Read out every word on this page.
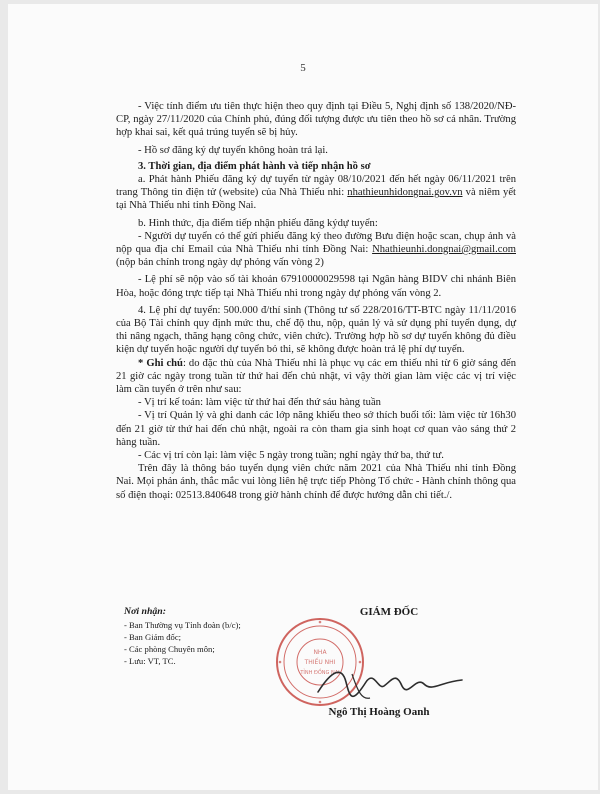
5

- Việc tính điểm ưu tiên thực hiện theo quy định tại Điều 5, Nghị định số 138/2020/NĐ-CP, ngày 27/11/2020 của Chính phủ, đúng đối tượng được ưu tiên theo hồ sơ cá nhân. Trường hợp khai sai, kết quả trúng tuyển sẽ bị hủy.

- Hồ sơ đăng ký dự tuyển không hoàn trả lại.

3. Thời gian, địa điểm phát hành và tiếp nhận hồ sơ

a. Phát hành Phiếu đăng ký dự tuyển từ ngày 08/10/2021 đến hết ngày 06/11/2021 trên trang Thông tin điện tử (website) của Nhà Thiếu nhi: nhathieunhidongnai.gov.vn và niêm yết tại Nhà Thiếu nhi tỉnh Đồng Nai.

b. Hình thức, địa điểm tiếp nhận phiếu đăng kýdự tuyển:

- Người dự tuyển có thể gửi phiếu đăng ký theo đường Bưu điện hoặc scan, chụp ảnh và nộp qua địa chỉ Email của Nhà Thiếu nhi tỉnh Đồng Nai: Nhathieunhi.dongnai@gmail.com (nộp bản chính trong ngày dự phỏng vấn vòng 2)

- Lệ phí sẽ nộp vào số tài khoản 67910000029598 tại Ngân hàng BIDV chi nhánh Biên Hòa, hoặc đóng trực tiếp tại Nhà Thiếu nhi trong ngày dự phỏng vấn vòng 2.

4. Lệ phí dự tuyển: 500.000 đ/thí sinh (Thông tư số 228/2016/TT-BTC ngày 11/11/2016 của Bộ Tài chính quy định mức thu, chế độ thu, nộp, quản lý và sử dụng phí tuyển dụng, dự thi nâng ngạch, thăng hạng công chức, viên chức). Trường hợp hồ sơ dự tuyển không đủ điều kiện dự tuyển hoặc người dự tuyển bỏ thi, sẽ không được hoàn trả lệ phí dự tuyển.

* Ghi chú: do đặc thù của Nhà Thiếu nhi là phục vụ các em thiếu nhi từ 6 giờ sáng đến 21 giờ các ngày trong tuần từ thứ hai đến chủ nhật, vì vậy thời gian làm việc các vị trí việc làm cần tuyển ở trên như sau:

- Vị trí kế toán: làm việc từ thứ hai đến thứ sáu hàng tuần

- Vị trí Quản lý và ghi danh các lớp năng khiếu theo sở thích buổi tối: làm việc từ 16h30 đến 21 giờ từ thứ hai đến chủ nhật, ngoài ra còn tham gia sinh hoạt cơ quan vào sáng thứ 2 hàng tuần.

- Các vị trí còn lại: làm việc 5 ngày trong tuần; nghỉ ngày thứ ba, thứ tư.

Trên đây là thông báo tuyển dụng viên chức năm 2021 của Nhà Thiếu nhi tỉnh Đồng Nai. Mọi phản ánh, thắc mắc vui lòng liên hệ trực tiếp Phòng Tổ chức - Hành chính thông qua số điện thoại: 02513.840648 trong giờ hành chính để được hướng dẫn chi tiết./.

Nơi nhận:
- Ban Thường vụ Tỉnh đoàn (b/c);
- Ban Giám đốc;
- Các phòng Chuyên môn;
- Lưu: VT, TC.
GIÁM ĐỐC
NHÀ
THIẾU NHI
TỈNH ĐỒNG NAI
Ngô Thị Hoàng Oanh
